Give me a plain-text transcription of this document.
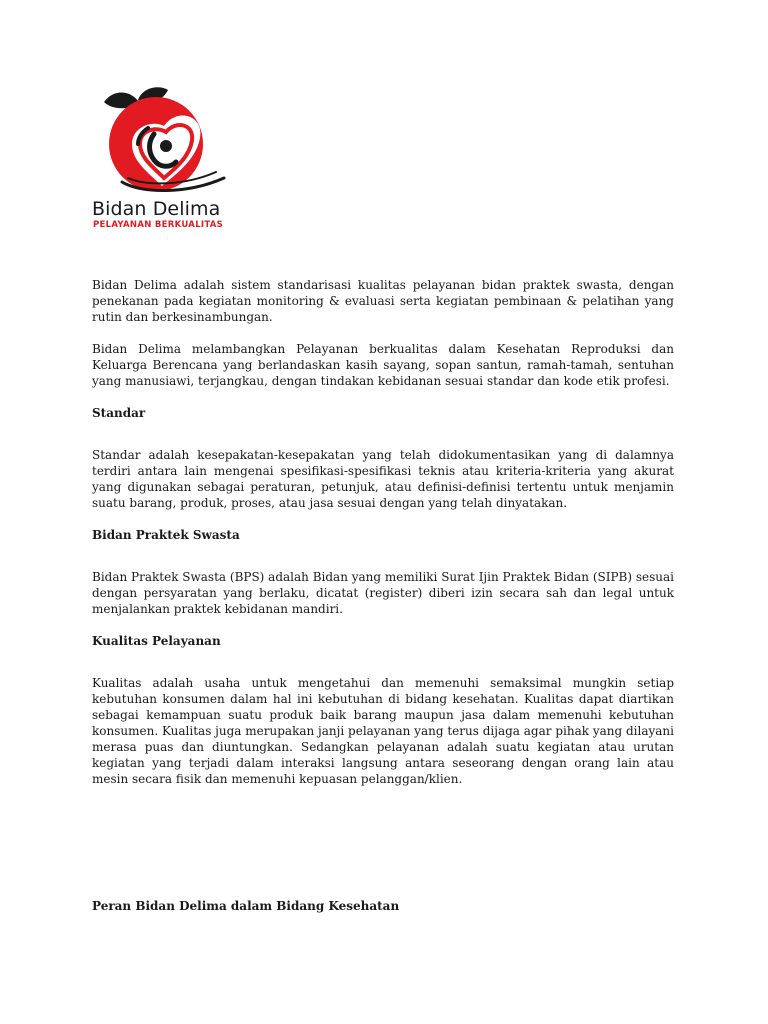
Bidan Delima
PELAYANAN BERKUALITAS

Bidan Delima adalah sistem standarisasi kualitas pelayanan bidan praktek swasta, dengan penekanan pada kegiatan monitoring & evaluasi serta kegiatan pembinaan & pelatihan yang rutin dan berkesinambungan.

Bidan Delima melambangkan Pelayanan berkualitas dalam Kesehatan Reproduksi dan Keluarga Berencana yang berlandaskan kasih sayang, sopan santun, ramah-tamah, sentuhan yang manusiawi, terjangkau, dengan tindakan kebidanan sesuai standar dan kode etik profesi.

Standar

Standar adalah kesepakatan-kesepakatan yang telah didokumentasikan yang di dalamnya terdiri antara lain mengenai spesifikasi-spesifikasi teknis atau kriteria-kriteria yang akurat yang digunakan sebagai peraturan, petunjuk, atau definisi-definisi tertentu untuk menjamin suatu barang, produk, proses, atau jasa sesuai dengan yang telah dinyatakan.

Bidan Praktek Swasta

Bidan Praktek Swasta (BPS) adalah Bidan yang memiliki Surat Ijin Praktek Bidan (SIPB) sesuai dengan persyaratan yang berlaku, dicatat (register) diberi izin secara sah dan legal untuk menjalankan praktek kebidanan mandiri.

Kualitas Pelayanan

Kualitas adalah usaha untuk mengetahui dan memenuhi semaksimal mungkin setiap kebutuhan konsumen dalam hal ini kebutuhan di bidang kesehatan. Kualitas dapat diartikan sebagai kemampuan suatu produk baik barang maupun jasa dalam memenuhi kebutuhan konsumen. Kualitas juga merupakan janji pelayanan yang terus dijaga agar pihak yang dilayani merasa puas dan diuntungkan. Sedangkan pelayanan adalah suatu kegiatan atau urutan kegiatan yang terjadi dalam interaksi langsung antara seseorang dengan orang lain atau mesin secara fisik dan memenuhi kepuasan pelanggan/klien.

Peran Bidan Delima dalam Bidang Kesehatan
